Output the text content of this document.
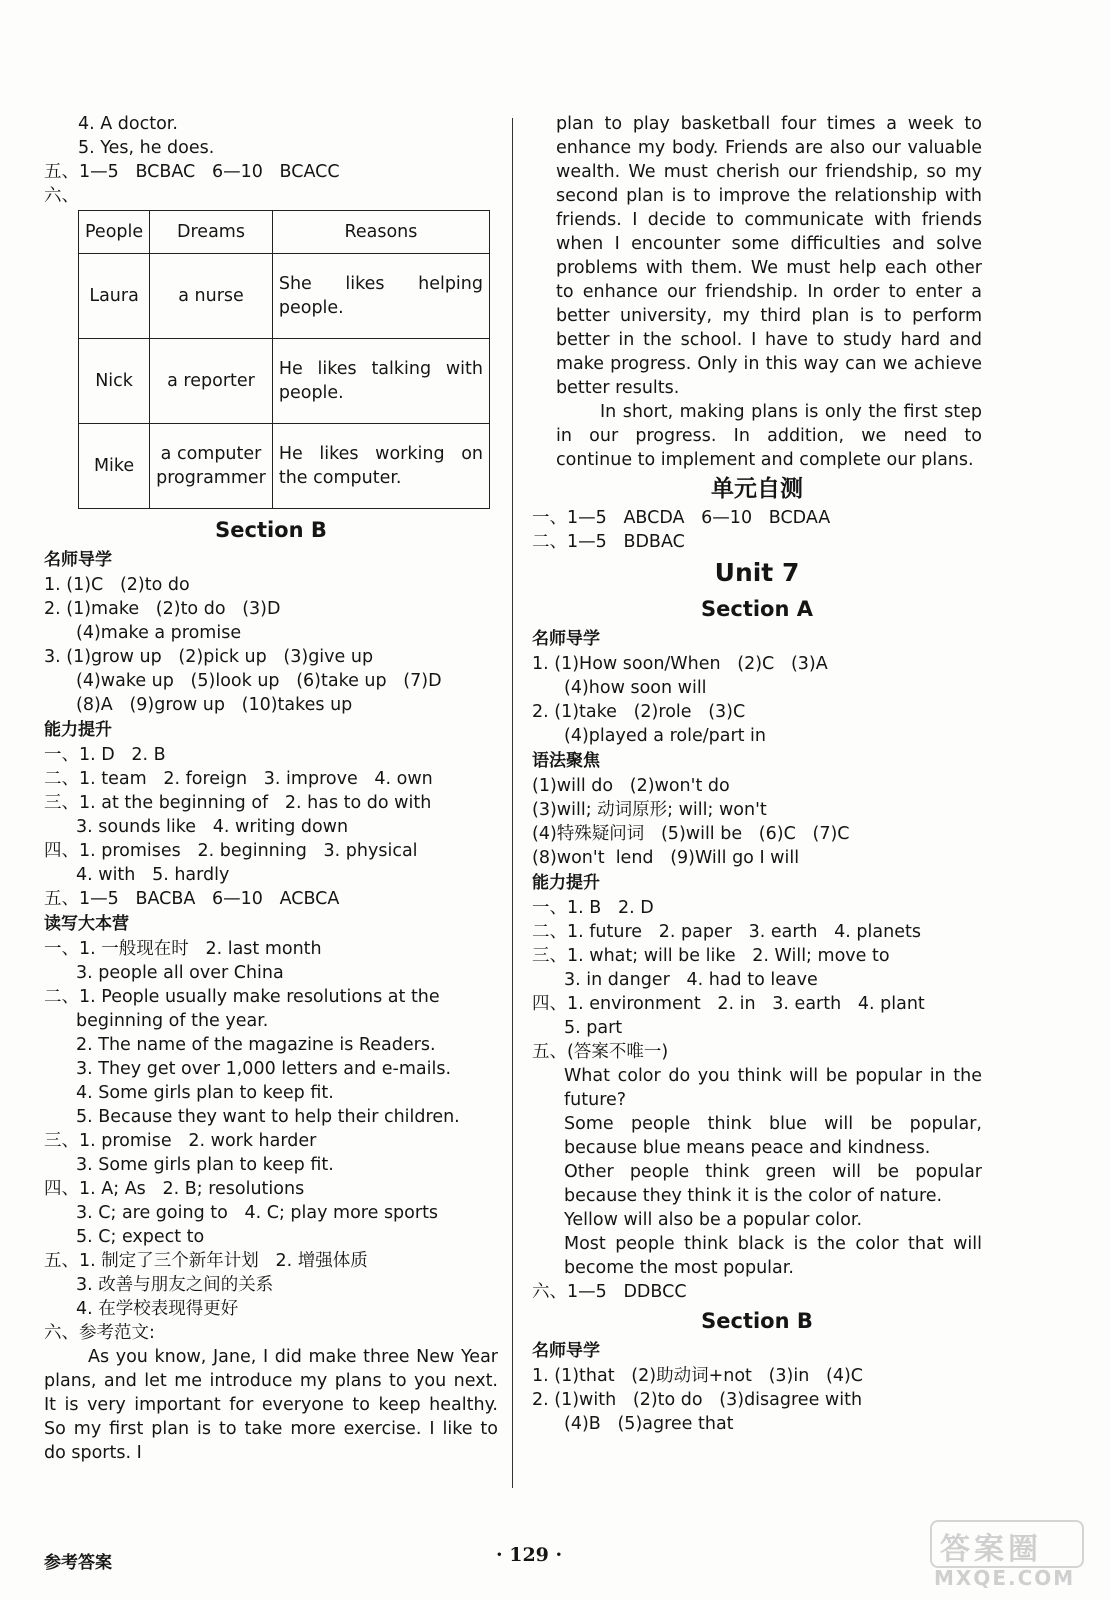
4. A doctor.
5. Yes, he does.
五、1—5   BCBAC   6—10   BCACC
六、
People	Dreams	Reasons
Laura	a nurse	She likes helping people.
Nick	a reporter	He likes talking with people.
Mike	a computer programmer	He likes working on the computer.
Section B
名师导学
1. (1)C   (2)to do
2. (1)make   (2)to do   (3)D
(4)make a promise
3. (1)grow up   (2)pick up   (3)give up
(4)wake up   (5)look up   (6)take up   (7)D
(8)A   (9)grow up   (10)takes up
能力提升
一、1. D   2. B
二、1. team   2. foreign   3. improve   4. own
三、1. at the beginning of   2. has to do with
3. sounds like   4. writing down
四、1. promises   2. beginning   3. physical
4. with   5. hardly
五、1—5   BACBA   6—10   ACBCA
读写大本营
一、1. 一般现在时   2. last month
3. people all over China
二、1. People usually make resolutions at the
beginning of the year.
2. The name of the magazine is Readers.
3. They get over 1,000 letters and e-mails.
4. Some girls plan to keep fit.
5. Because they want to help their children.
三、1. promise   2. work harder
3. Some girls plan to keep fit.
四、1. A; As   2. B; resolutions
3. C; are going to   4. C; play more sports
5. C; expect to
五、1. 制定了三个新年计划   2. 增强体质
3. 改善与朋友之间的关系
4. 在学校表现得更好
六、参考范文:
As you know, Jane, I did make three New Year plans, and let me introduce my plans to you next. It is very important for everyone to keep healthy. So my first plan is to take more exercise. I like to do sports. I
plan to play basketball four times a week to enhance my body. Friends are also our valuable wealth. We must cherish our friendship, so my second plan is to improve the relationship with friends. I decide to communicate with friends when I encounter some difficulties and solve problems with them. We must help each other to enhance our friendship. In order to enter a better university, my third plan is to perform better in the school. I have to study hard and make progress. Only in this way can we achieve better results.
In short, making plans is only the first step in our progress. In addition, we need to continue to implement and complete our plans.
单元自测
一、1—5   ABCDA   6—10   BCDAA
二、1—5   BDBAC
Unit 7
Section A
名师导学
1. (1)How soon/When   (2)C   (3)A
(4)how soon will
2. (1)take   (2)role   (3)C
(4)played a role/part in
语法聚焦
(1)will do   (2)won't do
(3)will; 动词原形; will; won't
(4)特殊疑问词   (5)will be   (6)C   (7)C
(8)won't  lend   (9)Will go I will
能力提升
一、1. B   2. D
二、1. future   2. paper   3. earth   4. planets
三、1. what; will be like   2. Will; move to
3. in danger   4. had to leave
四、1. environment   2. in   3. earth   4. plant
5. part
五、(答案不唯一)
What color do you think will be popular in the future?
Some people think blue will be popular, because blue means peace and kindness.
Other people think green will be popular because they think it is the color of nature.
Yellow will also be a popular color.
Most people think black is the color that will become the most popular.
六、1—5   DDBCC
Section B
名师导学
1. (1)that   (2)助动词+not   (3)in   (4)C
2. (1)with   (2)to do   (3)disagree with
(4)B   (5)agree that
参考答案	· 129 ·	答案圈
MXQE.COM
